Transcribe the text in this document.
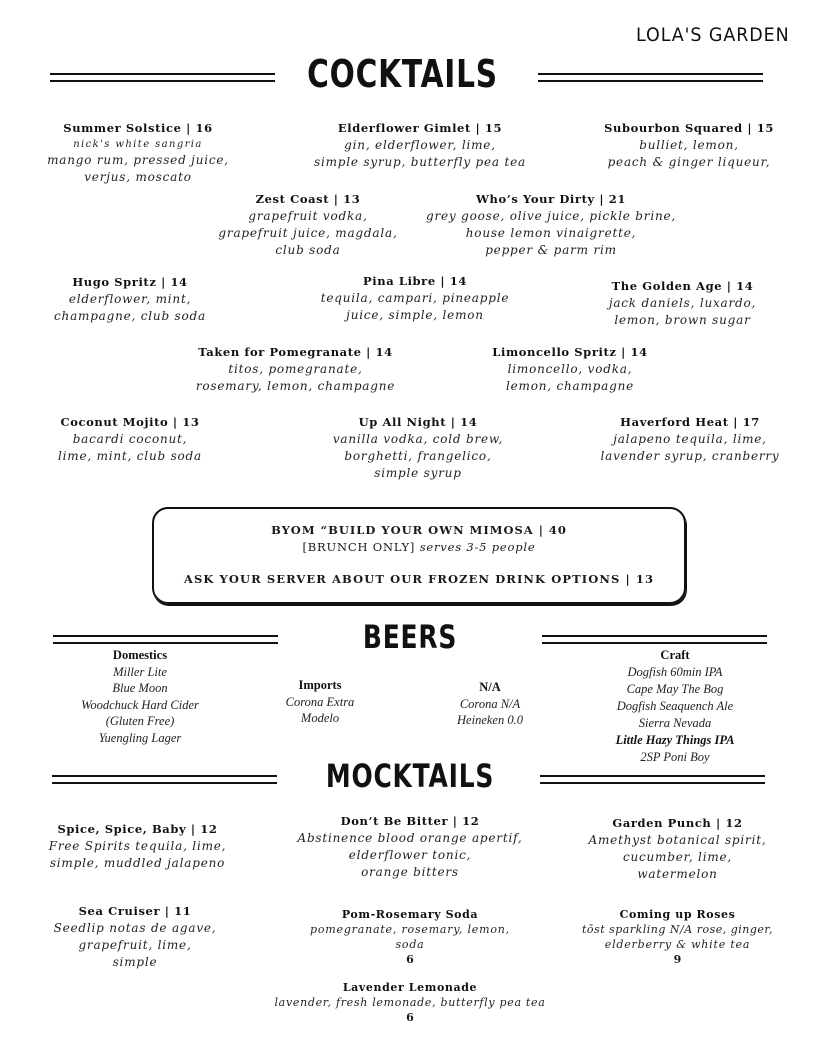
LOLA'S GARDEN
COCKTAILS
Summer Solstice | 16
nick's white sangria
mango rum, pressed juice,
verjus, moscato
Elderflower Gimlet | 15
gin, elderflower, lime,
simple syrup, butterfly pea tea
Subourbon Squared | 15
bulliet, lemon,
peach & ginger liqueur,
Zest Coast | 13
grapefruit vodka,
grapefruit juice, magdala,
club soda
Who’s Your Dirty | 21
grey goose, olive juice, pickle brine,
house lemon vinaigrette,
pepper & parm rim
Hugo Spritz | 14
elderflower, mint,
champagne, club soda
Pina Libre | 14
tequila, campari, pineapple
juice, simple, lemon
The Golden Age | 14
jack daniels, luxardo,
lemon, brown sugar
Taken for Pomegranate | 14
titos, pomegranate,
rosemary, lemon, champagne
Limoncello Spritz | 14
limoncello, vodka,
lemon, champagne
Coconut Mojito | 13
bacardi coconut,
lime, mint, club soda
Up All Night | 14
vanilla vodka, cold brew,
borghetti, frangelico,
simple syrup
Haverford Heat | 17
jalapeno tequila, lime,
lavender syrup, cranberry
BYOM “BUILD YOUR OWN MIMOSA | 40
[BRUNCH ONLY] serves 3-5 people
ASK YOUR SERVER ABOUT OUR FROZEN DRINK OPTIONS | 13
BEERS
Domestics
Miller Lite
Blue Moon
Woodchuck Hard Cider
(Gluten Free)
Yuengling Lager
Imports
Corona Extra
Modelo
N/A
Corona N/A
Heineken 0.0
Craft
Dogfish 60min IPA
Cape May The Bog
Dogfish Seaquench Ale
Sierra Nevada
Little Hazy Things IPA
2SP Poni Boy
MOCKTAILS
Spice, Spice, Baby | 12
Free Spirits tequila, lime,
simple, muddled jalapeno
Don’t Be Bitter | 12
Abstinence blood orange apertif,
elderflower tonic,
orange bitters
Garden Punch | 12
Amethyst botanical spirit,
cucumber, lime,
watermelon
Sea Cruiser | 11
Seedlip notas de agave,
grapefruit, lime,
simple
Pom-Rosemary Soda
pomegranate, rosemary, lemon,
soda
6
Coming up Roses
tōst sparkling N/A rose, ginger,
elderberry & white tea
9
Lavender Lemonade
lavender, fresh lemonade, butterfly pea tea
6
